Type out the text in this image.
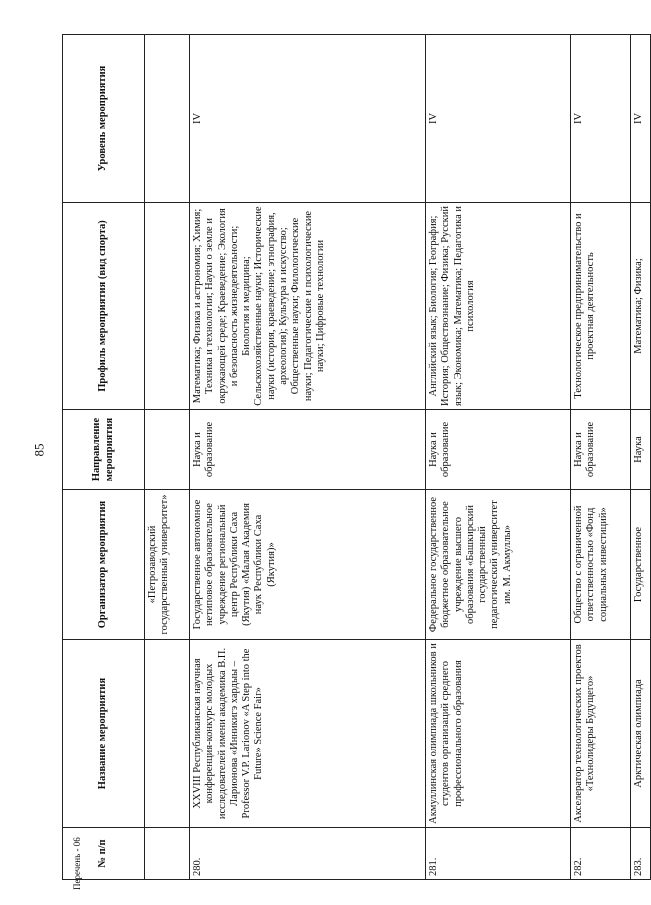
85
Перечень - 06 № п/п	Название мероприятия	Организатор мероприятия	Направление мероприятия	Профиль мероприятия (вид спорта)	Уровень мероприятия
		«Петрозаводский государственный университет»			
280.	XXVIII Республиканская научная конференция-конкурс молодых исследователей имени академика В.П. Ларионова «Инникигэ хардыы – Professor V.P. Larionov «A Step into the Future» Science Fair»	Государственное автономное нетиповое образовательное учреждение региональный центр Республики Саха (Якутия) «Малая Академия наук Республики Саха (Якутия)»	Наука и образование	Математика; Физика и астрономия; Химия; Техника и технологии; Науки о земле и окружающей среде; Краеведение; Экология и безопасность жизнедеятельности; Биология и медицина; Сельскохозяйственные науки; Исторические науки (история, краеведение; этнография, археология); Культура и искусство; Общественные науки; Филологические науки; Педагогические и психологические науки; Цифровые технологии	IV
281.	Акмуллинская олимпиада школьников и студентов организаций среднего профессионального образования	Федеральное государственное бюджетное образовательное учреждение высшего образования «Башкирский государственный педагогический университет им. М. Акмуллы»	Наука и образование	Английский язык; Биология; География; История; Обществознание; Физика; Русский язык; Экономика; Математика; Педагогика и психология	IV
282.	Акселератор технологических проектов «Технолидеры Будущего»	Общество с ограниченной ответственностью «Фонд социальных инвестиций»	Наука и образование	Технологическое предпринимательство и проектная деятельность	IV
283.	Арктическая олимпиада	Государственное	Наука	Математика; Физика;	IV
